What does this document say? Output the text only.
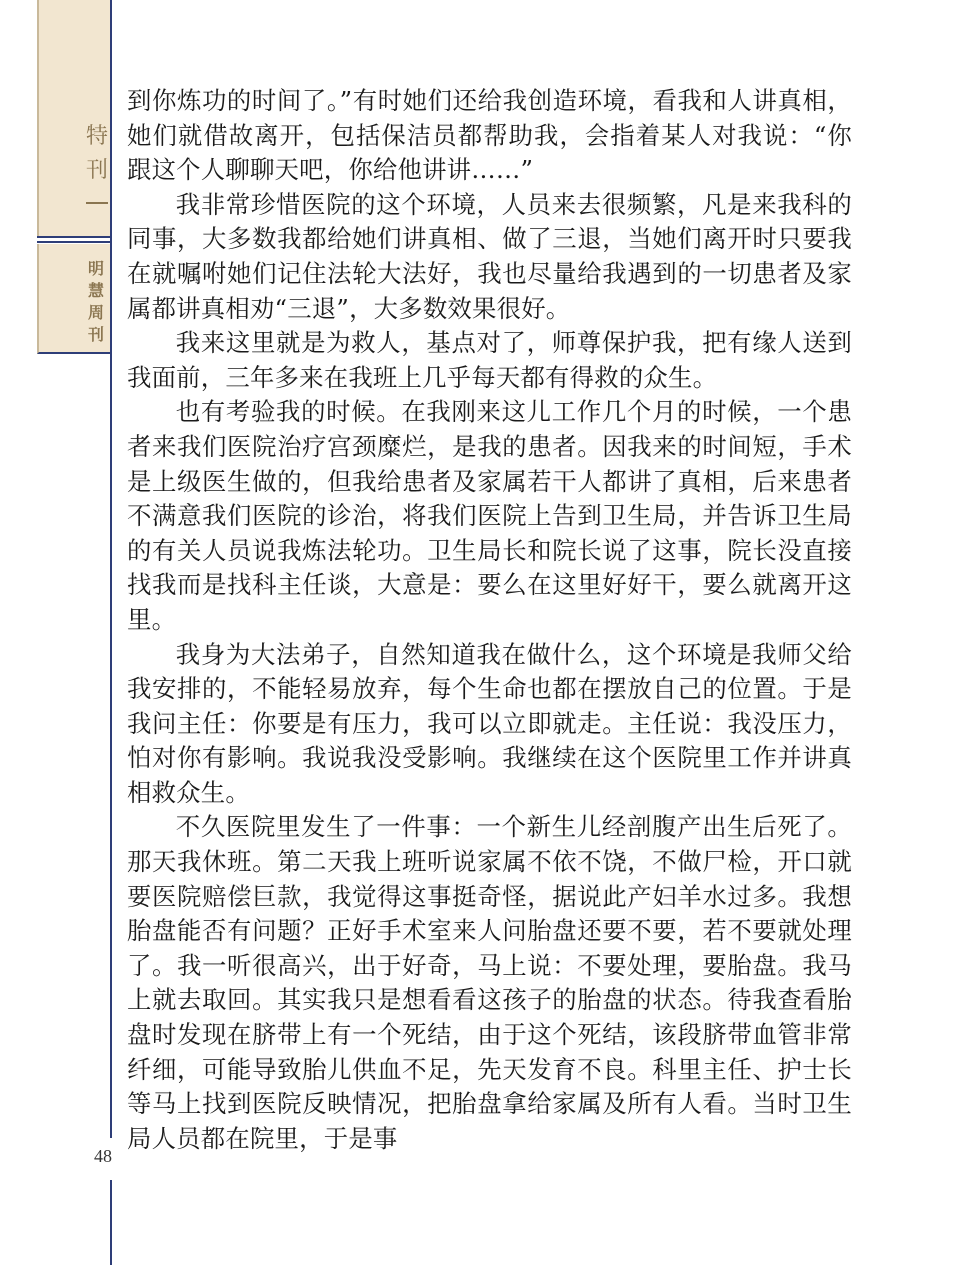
特
刊
明
慧
周
刊
48

到你炼功的时间了。”有时她们还给我创造环境，看我和人讲真相，她们就借故离开，包括保洁员都帮助我，会指着某人对我说：“你跟这个人聊聊天吧，你给他讲讲……”

我非常珍惜医院的这个环境，人员来去很频繁，凡是来我科的同事，大多数我都给她们讲真相、做了三退，当她们离开时只要我在就嘱咐她们记住法轮大法好，我也尽量给我遇到的一切患者及家属都讲真相劝“三退”，大多数效果很好。

我来这里就是为救人，基点对了，师尊保护我，把有缘人送到我面前，三年多来在我班上几乎每天都有得救的众生。

也有考验我的时候。在我刚来这儿工作几个月的时候，一个患者来我们医院治疗宫颈糜烂，是我的患者。因我来的时间短，手术是上级医生做的，但我给患者及家属若干人都讲了真相，后来患者不满意我们医院的诊治，将我们医院上告到卫生局，并告诉卫生局的有关人员说我炼法轮功。卫生局长和院长说了这事，院长没直接找我而是找科主任谈，大意是：要么在这里好好干，要么就离开这里。

我身为大法弟子，自然知道我在做什么，这个环境是我师父给我安排的，不能轻易放弃，每个生命也都在摆放自己的位置。于是我问主任：你要是有压力，我可以立即就走。主任说：我没压力，怕对你有影响。我说我没受影响。我继续在这个医院里工作并讲真相救众生。

不久医院里发生了一件事：一个新生儿经剖腹产出生后死了。那天我休班。第二天我上班听说家属不依不饶，不做尸检，开口就要医院赔偿巨款，我觉得这事挺奇怪，据说此产妇羊水过多。我想胎盘能否有问题？正好手术室来人问胎盘还要不要，若不要就处理了。我一听很高兴，出于好奇，马上说：不要处理，要胎盘。我马上就去取回。其实我只是想看看这孩子的胎盘的状态。待我查看胎盘时发现在脐带上有一个死结，由于这个死结，该段脐带血管非常纤细，可能导致胎儿供血不足，先天发育不良。科里主任、护士长等马上找到医院反映情况，把胎盘拿给家属及所有人看。当时卫生局人员都在院里，于是事
